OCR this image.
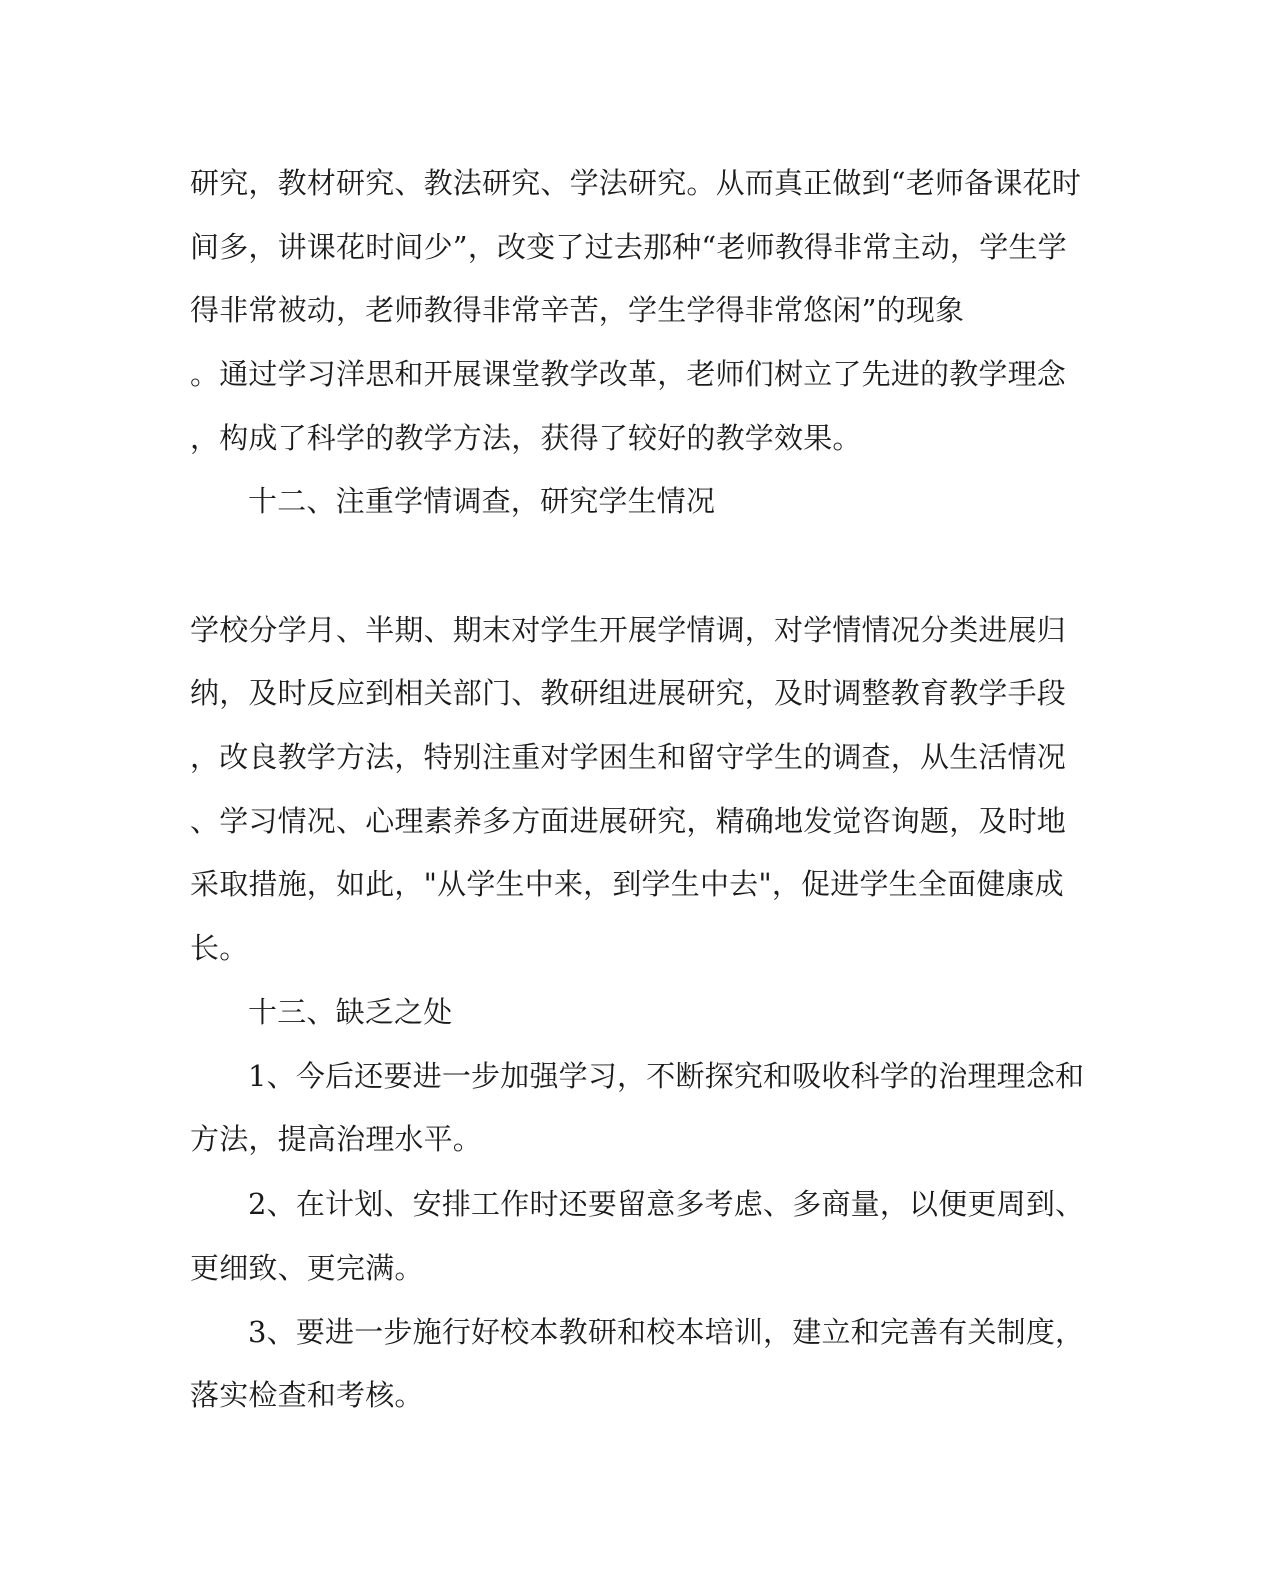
研究，教材研究、教法研究、学法研究。从而真正做到“老师备课花时
间多，讲课花时间少”，改变了过去那种“老师教得非常主动，学生学
得非常被动，老师教得非常辛苦，学生学得非常悠闲”的现象
。通过学习洋思和开展课堂教学改革，老师们树立了先进的教学理念
，构成了科学的教学方法，获得了较好的教学效果。
十二、注重学情调查，研究学生情况
学校分学月、半期、期末对学生开展学情调，对学情情况分类进展归
纳，及时反应到相关部门、教研组进展研究，及时调整教育教学手段
，改良教学方法，特别注重对学困生和留守学生的调查，从生活情况
、学习情况、心理素养多方面进展研究，精确地发觉咨询题，及时地
采取措施，如此，"从学生中来，到学生中去"，促进学生全面健康成
长。
十三、缺乏之处
1、今后还要进一步加强学习，不断探究和吸收科学的治理理念和
方法，提高治理水平。
2、在计划、安排工作时还要留意多考虑、多商量，以便更周到、
更细致、更完满。
3、要进一步施行好校本教研和校本培训，建立和完善有关制度，
落实检查和考核。
